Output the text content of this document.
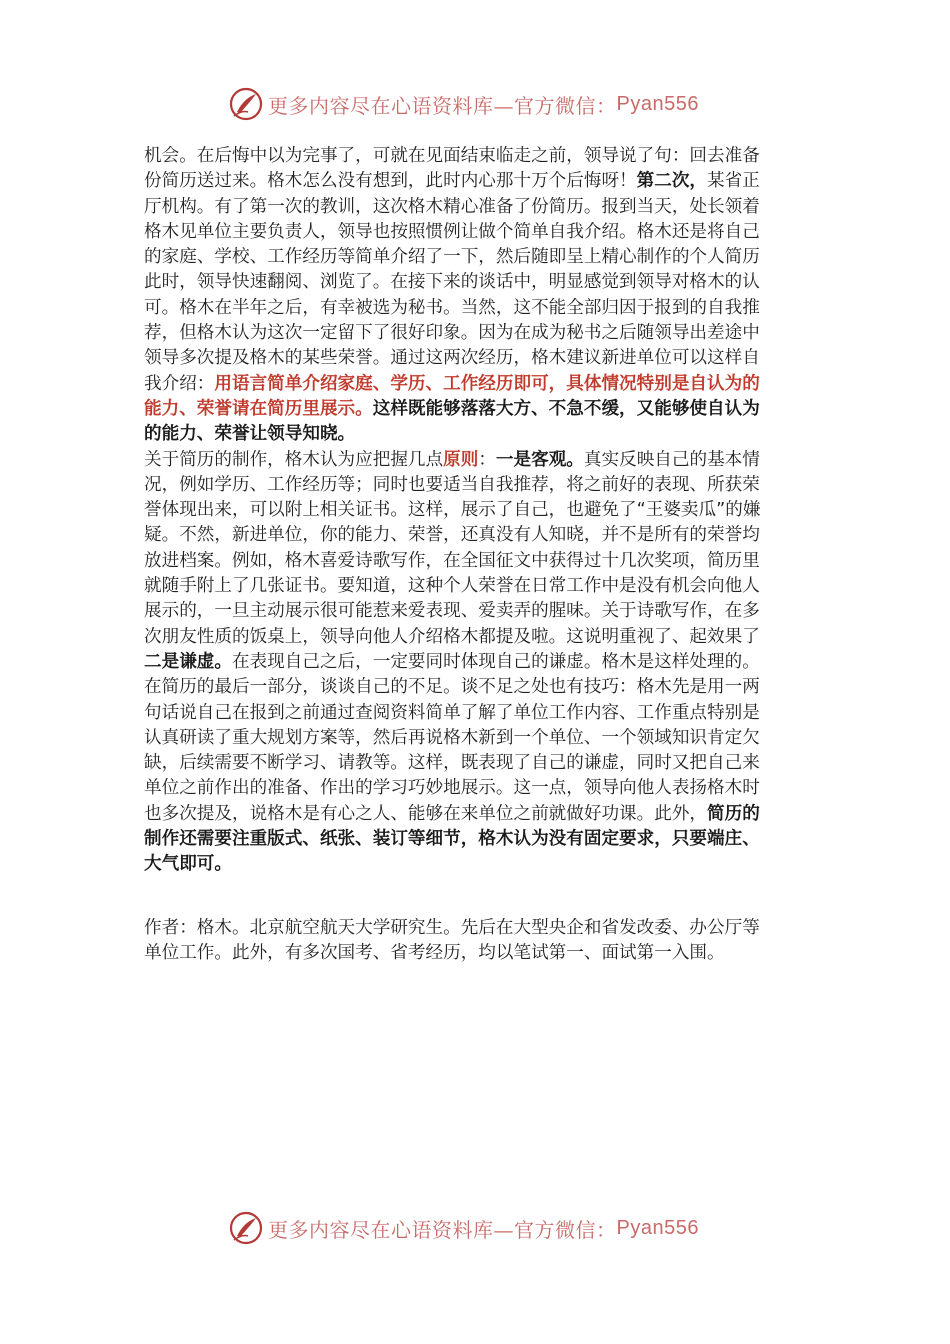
更多内容尽在心语资料库—官方微信： Pyan556
机会。在后悔中以为完事了，可就在见面结束临走之前，领导说了句：回去准备
份简历送过来。格木怎么没有想到，此时内心那十万个后悔呀！第二次，某省正
厅机构。有了第一次的教训，这次格木精心准备了份简历。报到当天，处长领着
格木见单位主要负责人，领导也按照惯例让做个简单自我介绍。格木还是将自己
的家庭、学校、工作经历等简单介绍了一下，然后随即呈上精心制作的个人简历
此时，领导快速翻阅、浏览了。在接下来的谈话中，明显感觉到领导对格木的认
可。格木在半年之后，有幸被选为秘书。当然，这不能全部归因于报到的自我推
荐，但格木认为这次一定留下了很好印象。因为在成为秘书之后随领导出差途中
领导多次提及格木的某些荣誉。通过这两次经历，格木建议新进单位可以这样自
我介绍：用语言简单介绍家庭、学历、工作经历即可，具体情况特别是自认为的
能力、荣誉请在简历里展示。这样既能够落落大方、不急不缓，又能够使自认为
的能力、荣誉让领导知晓。
关于简历的制作，格木认为应把握几点原则：一是客观。真实反映自己的基本情
况，例如学历、工作经历等；同时也要适当自我推荐，将之前好的表现、所获荣
誉体现出来，可以附上相关证书。这样，展示了自己，也避免了“王婆卖瓜”的嫌
疑。不然，新进单位，你的能力、荣誉，还真没有人知晓，并不是所有的荣誉均
放进档案。例如，格木喜爱诗歌写作，在全国征文中获得过十几次奖项，简历里
就随手附上了几张证书。要知道，这种个人荣誉在日常工作中是没有机会向他人
展示的，一旦主动展示很可能惹来爱表现、爱卖弄的腥味。关于诗歌写作，在多
次朋友性质的饭桌上，领导向他人介绍格木都提及啦。这说明重视了、起效果了
二是谦虚。在表现自己之后，一定要同时体现自己的谦虚。格木是这样处理的。
在简历的最后一部分，谈谈自己的不足。谈不足之处也有技巧：格木先是用一两
句话说自己在报到之前通过查阅资料简单了解了单位工作内容、工作重点特别是
认真研读了重大规划方案等，然后再说格木新到一个单位、一个领域知识肯定欠
缺，后续需要不断学习、请教等。这样，既表现了自己的谦虚，同时又把自己来
单位之前作出的准备、作出的学习巧妙地展示。这一点，领导向他人表扬格木时
也多次提及，说格木是有心之人、能够在来单位之前就做好功课。此外，简历的
制作还需要注重版式、纸张、装订等细节，格木认为没有固定要求，只要端庄、
大气即可。
作者：格木。北京航空航天大学研究生。先后在大型央企和省发改委、办公厅等
单位工作。此外，有多次国考、省考经历，均以笔试第一、面试第一入围。
更多内容尽在心语资料库—官方微信： Pyan556
